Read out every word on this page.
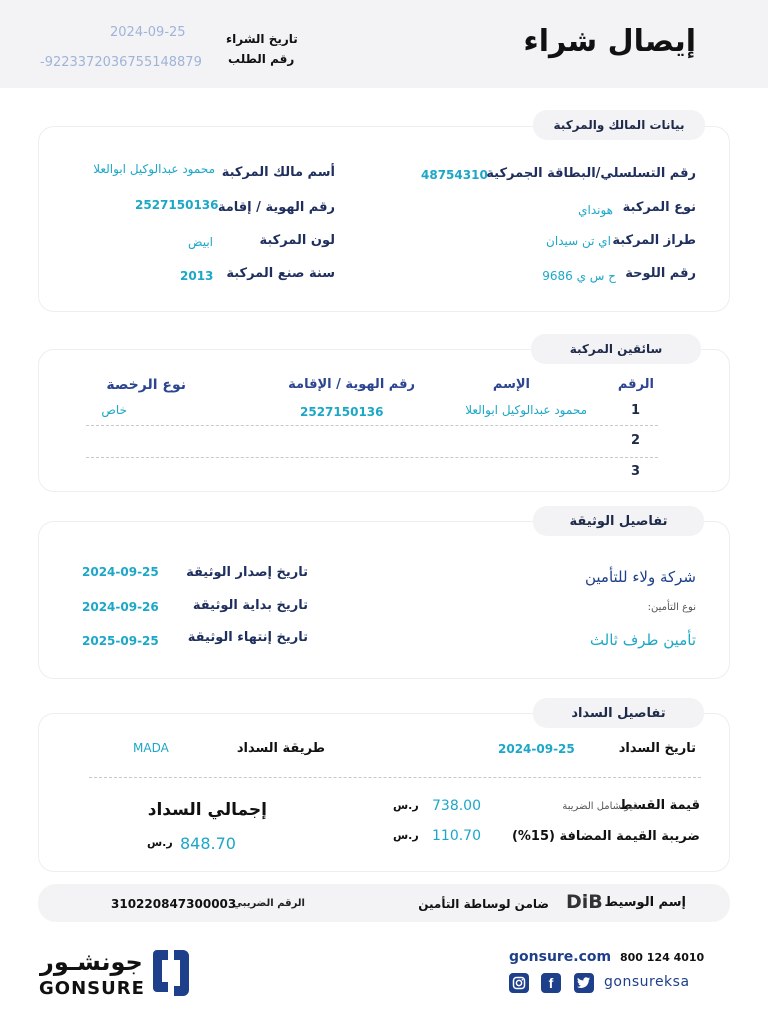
إيصال شراء
تاريخ الشراء
2024-09-25
رقم الطلب
-9223372036755148879
بيانات المالك والمركبة
رقم التسلسلي/البطاقة الجمركية
48754310
نوع المركبة
هونداي
طراز المركبة
اي تن سيدان
رقم اللوحة
ح س ي 9686
أسم مالك المركبة
محمود عبدالوكيل ابوالعلا
رقم الهوية / إقامة
2527150136
لون المركبة
ابيض
سنة صنع المركبة
2013
سائقين المركبة
الرقم
الإسم
رقم الهوية / الإقامة
نوع الرخصة
1
محمود عبدالوكيل ابوالعلا
2527150136
خاص
2
3
تفاصيل الوثيقة
شركة ولاء للتأمين
نوع التأمين:
تأمين طرف ثالث
تاريخ إصدار الوثيقة
2024-09-25
تاريخ بداية الوثيقة
2024-09-26
تاريخ إنتهاء الوثيقة
2025-09-25
تفاصيل السداد
تاريخ السداد
2024-09-25
طريقة السداد
MADA
قيمة القسط
غير شامل الضريبة
738.00
ر.س
ضريبة القيمة المضافة (15%)
110.70
ر.س
إجمالي السداد
848.70
ر.س
إسم الوسيط
DiB
ضامن لوساطة التأمين
الرقم الضريبي
310220847300003
gonsure.com 800 124 4010
f	gonsureksa
جونشـور
GONSURE
